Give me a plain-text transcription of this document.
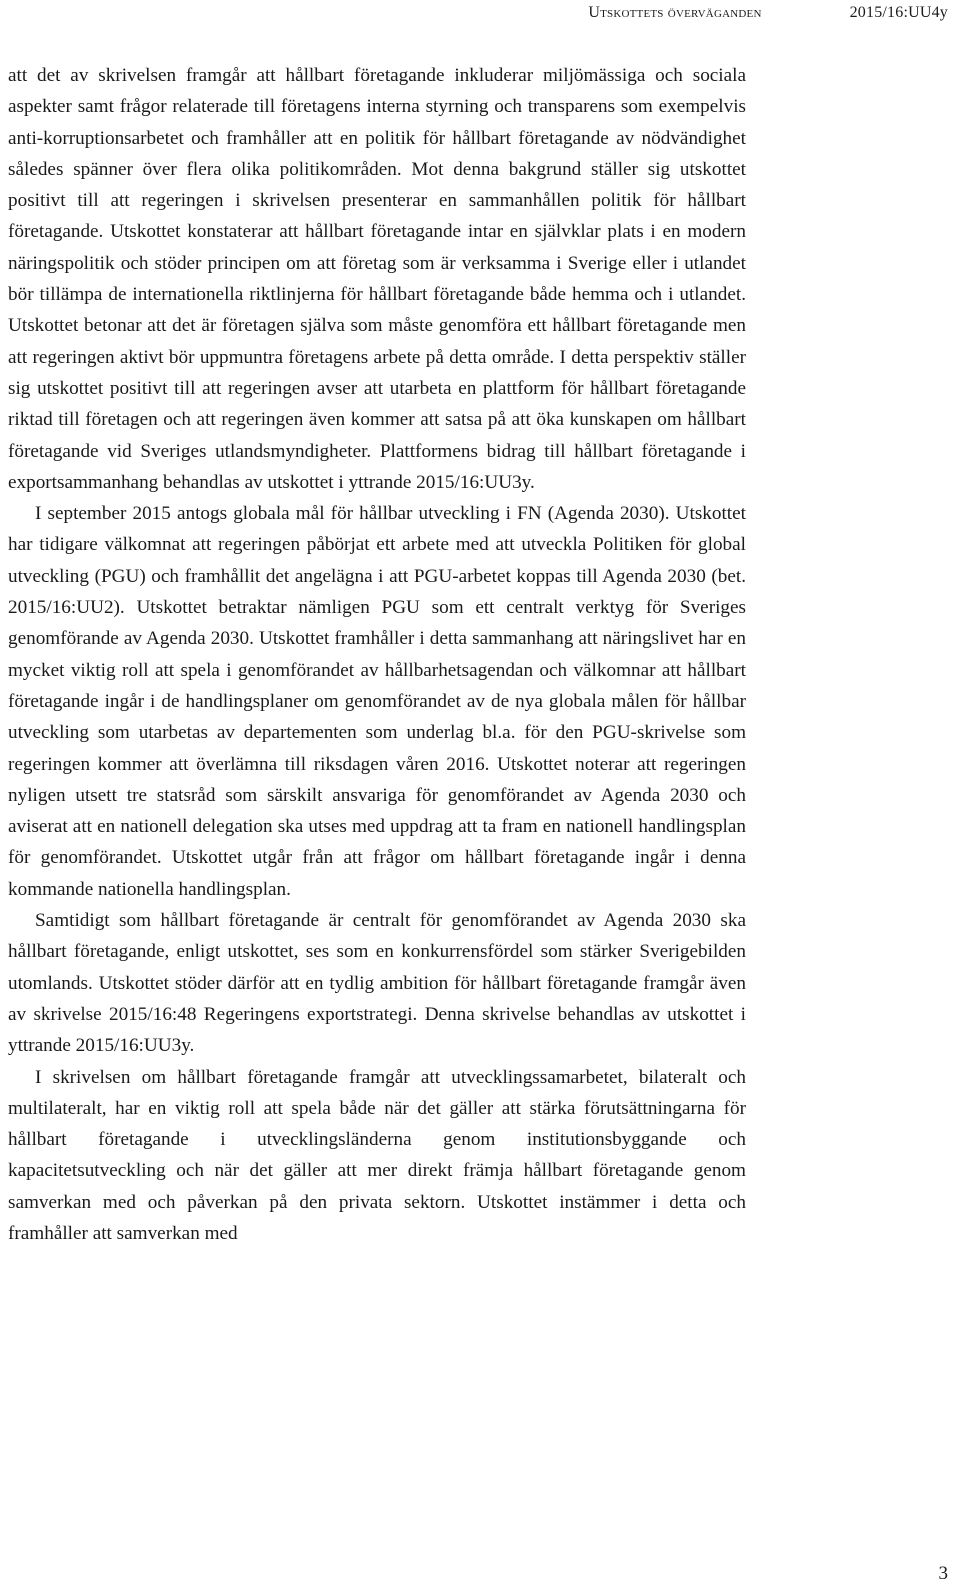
Utskottets överväganden	2015/16:UU4y

att det av skrivelsen framgår att hållbart företagande inkluderar miljömässiga och sociala aspekter samt frågor relaterade till företagens interna styrning och transparens som exempelvis anti-korruptionsarbetet och framhåller att en politik för hållbart företagande av nödvändighet således spänner över flera olika politikområden. Mot denna bakgrund ställer sig utskottet positivt till att regeringen i skrivelsen presenterar en sammanhållen politik för hållbart företagande. Utskottet konstaterar att hållbart företagande intar en självklar plats i en modern näringspolitik och stöder principen om att företag som är verksamma i Sverige eller i utlandet bör tillämpa de internationella riktlinjerna för hållbart företagande både hemma och i utlandet. Utskottet betonar att det är företagen själva som måste genomföra ett hållbart företagande men att regeringen aktivt bör uppmuntra företagens arbete på detta område. I detta perspektiv ställer sig utskottet positivt till att regeringen avser att utarbeta en plattform för hållbart företagande riktad till företagen och att regeringen även kommer att satsa på att öka kunskapen om hållbart företagande vid Sveriges utlandsmyndigheter. Plattformens bidrag till hållbart företagande i exportsammanhang behandlas av utskottet i yttrande 2015/16:UU3y.

I september 2015 antogs globala mål för hållbar utveckling i FN (Agenda 2030). Utskottet har tidigare välkomnat att regeringen påbörjat ett arbete med att utveckla Politiken för global utveckling (PGU) och framhållit det angelägna i att PGU-arbetet koppas till Agenda 2030 (bet. 2015/16:UU2). Utskottet betraktar nämligen PGU som ett centralt verktyg för Sveriges genomförande av Agenda 2030. Utskottet framhåller i detta sammanhang att näringslivet har en mycket viktig roll att spela i genomförandet av hållbarhetsagendan och välkomnar att hållbart företagande ingår i de handlingsplaner om genomförandet av de nya globala målen för hållbar utveckling som utarbetas av departementen som underlag bl.a. för den PGU-skrivelse som regeringen kommer att överlämna till riksdagen våren 2016. Utskottet noterar att regeringen nyligen utsett tre statsråd som särskilt ansvariga för genomförandet av Agenda 2030 och aviserat att en nationell delegation ska utses med uppdrag att ta fram en nationell handlingsplan för genomförandet. Utskottet utgår från att frågor om hållbart företagande ingår i denna kommande nationella handlingsplan.

Samtidigt som hållbart företagande är centralt för genomförandet av Agenda 2030 ska hållbart företagande, enligt utskottet, ses som en konkurrensfördel som stärker Sverigebilden utomlands. Utskottet stöder därför att en tydlig ambition för hållbart företagande framgår även av skrivelse 2015/16:48 Regeringens exportstrategi. Denna skrivelse behandlas av utskottet i yttrande 2015/16:UU3y.

I skrivelsen om hållbart företagande framgår att utvecklingssamarbetet, bilateralt och multilateralt, har en viktig roll att spela både när det gäller att stärka förutsättningarna för hållbart företagande i utvecklingsländerna genom institutionsbyggande och kapacitetsutveckling och när det gäller att mer direkt främja hållbart företagande genom samverkan med och påverkan på den privata sektorn. Utskottet instämmer i detta och framhåller att samverkan med

3
